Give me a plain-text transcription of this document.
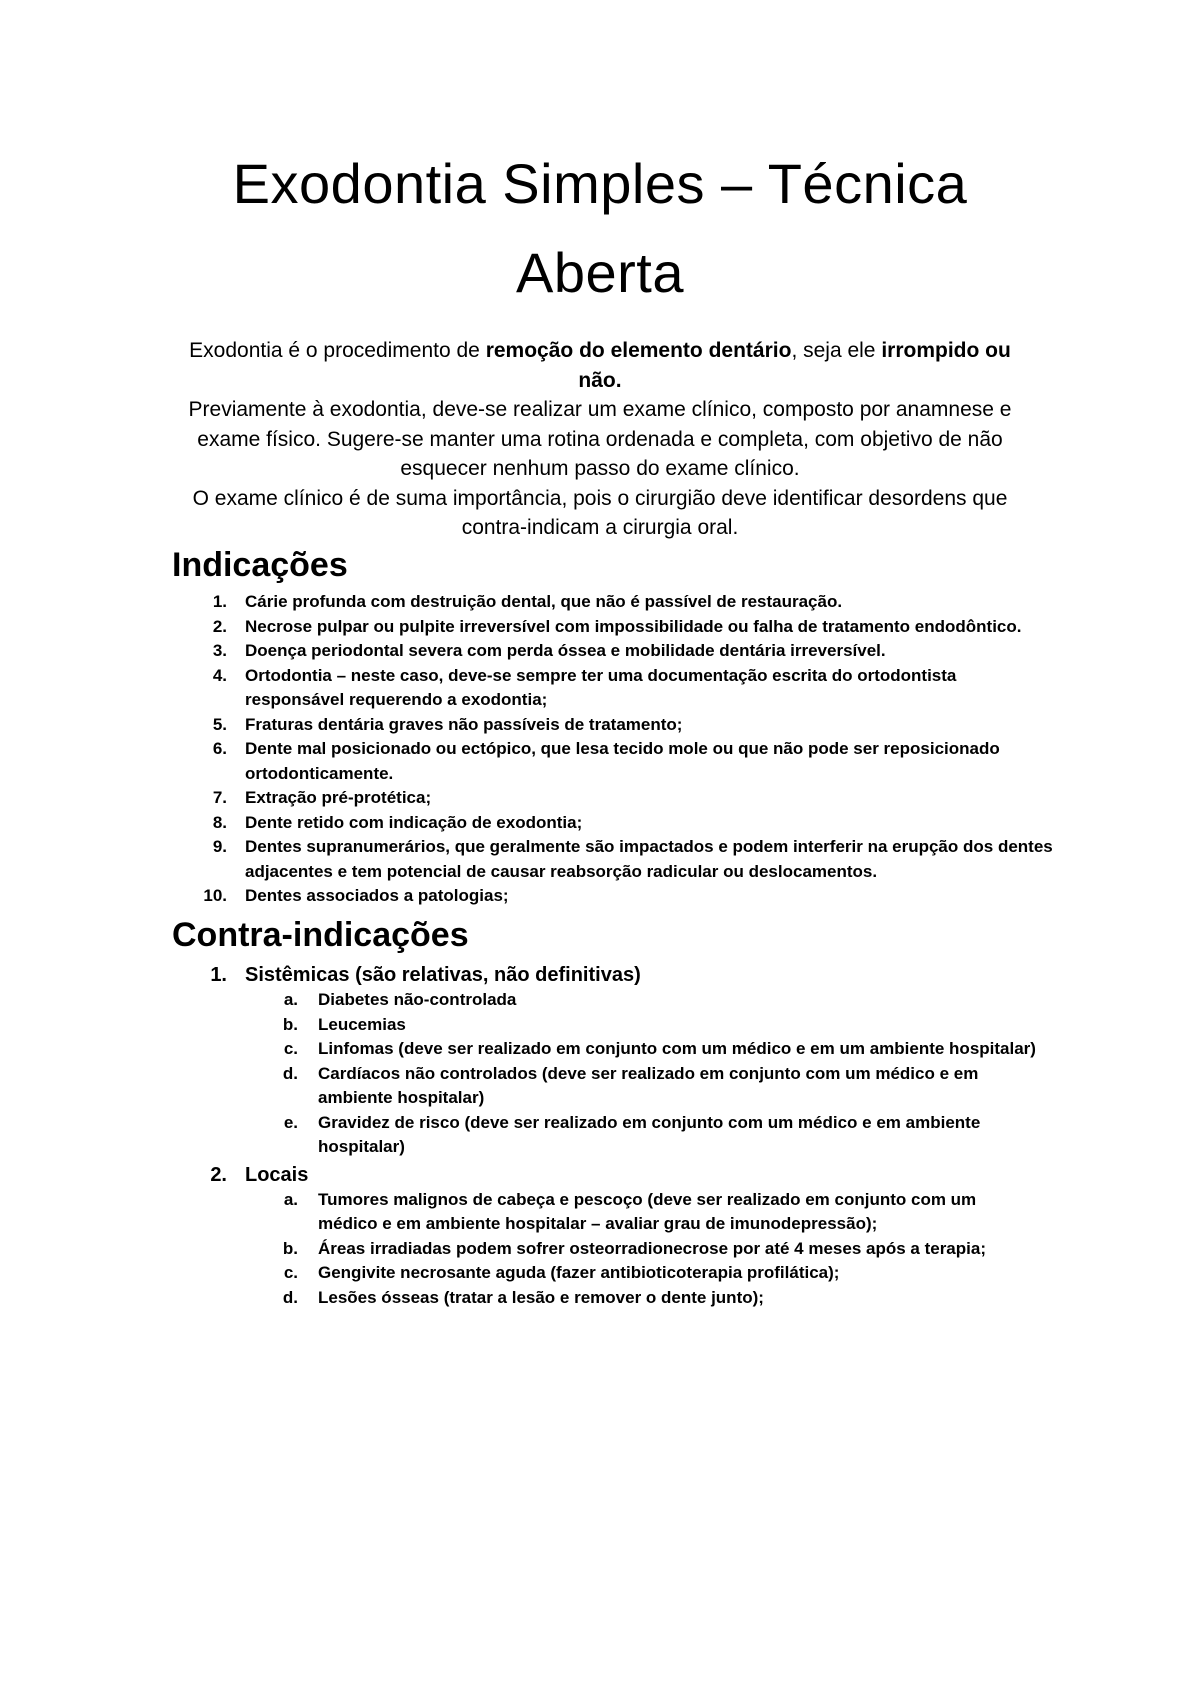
Exodontia Simples – Técnica
Aberta

Exodontia é o procedimento de remoção do elemento dentário, seja ele irrompido ou não.

Previamente à exodontia, deve-se realizar um exame clínico, composto por anamnese e exame físico. Sugere-se manter uma rotina ordenada e completa, com objetivo de não esquecer nenhum passo do exame clínico.

O exame clínico é de suma importância, pois o cirurgião deve identificar desordens que contra-indicam a cirurgia oral.

Indicações
1. Cárie profunda com destruição dental, que não é passível de restauração.
2. Necrose pulpar ou pulpite irreversível com impossibilidade ou falha de tratamento endodôntico.
3. Doença periodontal severa com perda óssea e mobilidade dentária irreversível.
4. Ortodontia – neste caso, deve-se sempre ter uma documentação escrita do ortodontista responsável requerendo a exodontia;
5. Fraturas dentária graves não passíveis de tratamento;
6. Dente mal posicionado ou ectópico, que lesa tecido mole ou que não pode ser reposicionado ortodonticamente.
7. Extração pré-protética;
8. Dente retido com indicação de exodontia;
9. Dentes supranumerários, que geralmente são impactados e podem interferir na erupção dos dentes adjacentes e tem potencial de causar reabsorção radicular ou deslocamentos.
10. Dentes associados a patologias;
Contra-indicações
1. Sistêmicas (são relativas, não definitivas)
a. Diabetes não-controlada
b. Leucemias
c. Linfomas (deve ser realizado em conjunto com um médico e em um ambiente hospitalar)
d. Cardíacos não controlados (deve ser realizado em conjunto com um médico e em ambiente hospitalar)
e. Gravidez de risco (deve ser realizado em conjunto com um médico e em ambiente hospitalar)
2. Locais
a. Tumores malignos de cabeça e pescoço (deve ser realizado em conjunto com um médico e em ambiente hospitalar – avaliar grau de imunodepressão);
b. Áreas irradiadas podem sofrer osteorradionecrose por até 4 meses após a terapia;
c. Gengivite necrosante aguda (fazer antibioticoterapia profilática);
d. Lesões ósseas (tratar a lesão e remover o dente junto);
